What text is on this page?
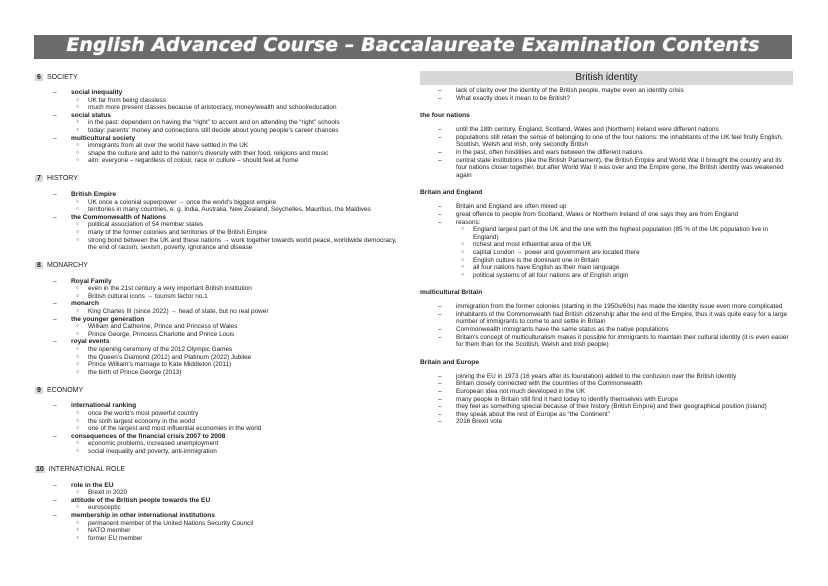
English Advanced Course – Baccalaureate Examination Contents
6 SOCIETY
– social inequality
○ UK far from being classless
○ much more present classes because of aristocracy, money/wealth and school/education
– social status
○ in the past: dependent on having the “right” to accent and on attending the “right” schools
○ today: parents' money and connections still decide about young people's career chances
– multicultural society
○ immigrants from all over the world have settled in the UK
○ shape the culture and add to the nation's diversity with their food, religions and music
○ aim: everyone – regardless of colour, race or culture – should feel at home
7 HISTORY
– British Empire
○ UK once a colonial superpower → once the world's biggest empire
○ territories in many countries, e. g. India, Australia, New Zealand, Seychelles, Mauritius, the Maldives
– the Commonwealth of Nations
○ political association of 54 member states
○ many of the former colonies and territories of the British Empire
○ strong bond between the UK and these nations → work together towards world peace, worldwide democracy, the end of racism, sexism, poverty, ignorance and disease
8 MONARCHY
– Royal Family
○ even in the 21st century a very important British institution
○ British cultural icons → tourism factor no.1
– monarch
○ King Charles III (since 2022) → head of state, but no real power
– the younger generation
○ William and Catherine, Prince and Princess of Wales
○ Prince George, Princess Charlotte and Prince Louis
– royal events
○ the opening ceremony of the 2012 Olympic Games
○ the Queen's Diamond (2012) and Platinum (2022) Jubilee
○ Prince William's marriage to Kate Middleton (2011)
○ the birth of Prince George (2013)
9 ECONOMY
– international ranking
○ once the world's most powerful country
○ the sixth largest economy in the world
○ one of the largest and most influential economies in the world
– consequences of the financial crisis 2007 to 2008
○ economic problems, increased unemployment
○ social inequality and poverty, anti-immigration
10 INTERNATIONAL ROLE
– role in the EU
○ Brexit in 2020
– attitude of the British people towards the EU
○ eurosceptic
– membership in other international institutions
○ permanent member of the United Nations Security Council
○ NATO member
○ former EU member
British identity
– lack of clarity over the identity of the British people, maybe even an identity crisis
– What exactly does it mean to be British?
the four nations
– until the 18th century, England, Scotland, Wales and (Northern) Ireland were different nations
– populations still retain the sense of belonging to one of the four nations: the inhabitants of the UK feel firstly English, Scottish, Welsh and Irish, only secondly British
– in the past, often hostilities and wars between the different nations
– central state institutions (like the British Parliament), the British Empire and World War II brought the country and its four nations closer together, but after World War II was over and the Empire gone, the British identity was weakened again
Britain and England
– Britain and England are often mixed up
– great offence to people from Scotland, Wales or Northern Ireland of one says they are from England
– reasons:
○ England largest part of the UK and the one with the highest population (85 % of the UK population live in England)
○ richest and most influential area of the UK
○ capital London → power and government are located there
○ English culture is the dominant one in Britain
○ all four nations have English as their main language
○ political systems of all four nations are of English origin
multicultural Britain
– immigration from the former colonies (starting in the 1950s/60s) has made the identity issue even more complicated
– inhabitants of the Commonwealth had British citizenship after the end of the Empire, thus it was quite easy for a large number of immigrants to come to and settle in Britain
– Commonwealth immigrants have the same status as the native populations
– Britain's concept of multiculturalism makes it possible for immigrants to maintain their cultural identity (it is even easier for them than for the Scottish, Welsh and Irish people)
Britain and Europe
– joining the EU in 1973 (16 years after its foundation) added to the confusion over the British identity
– Britain closely connected with the countries of the Commonwealth
– European idea not much developed in the UK
– many people in Britain still find it hard today to identify themselves with Europe
– they feel as something special because of their history (British Empire) and their geographical position (island)
– they speak about the rest of Europe as “the Continent”
– 2016 Brexit vote
